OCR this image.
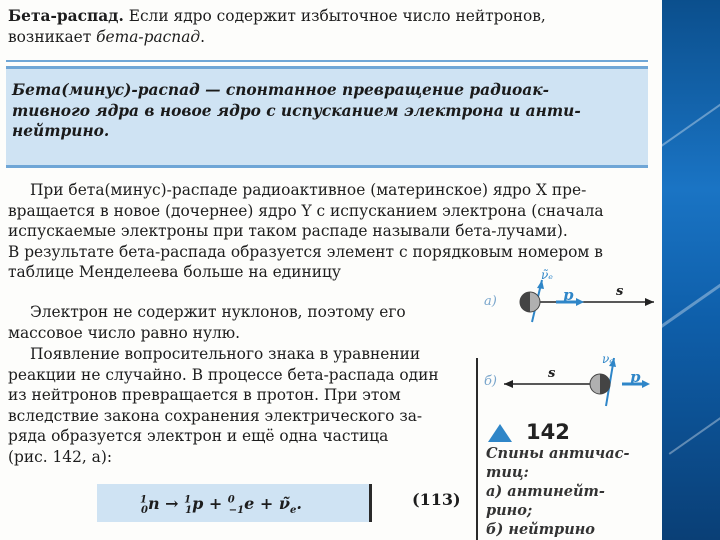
Бета-распад. Если ядро содержит избыточное число нейтронов,
возникает бета-распад.
Бета(минус)-распад — спонтанное превращение радиоак-
тивного ядра в новое ядро с испусканием электрона и анти-
нейтрино.
При бета(минус)-распаде радиоактивное (материнское) ядро X пре-
вращается в новое (дочернее) ядро Y с испусканием электрона (сначала
испускаемые электроны при таком распаде называли бета-лучами).
В результате бета-распада образуется элемент с порядковым номером в
таблице Менделеева больше на единицу
Электрон не содержит нуклонов, поэтому его
массовое число равно нулю.
Появление вопросительного знака в уравнении
реакции не случайно. В процессе бета-распада один
из нейтронов превращается в протон. При этом
вследствие закона сохранения электрического за-
ряда образуется электрон и ещё одна частица
(рис. 142, а):
$^1_0n \to ^1_1p + ^0_{-1}e + \nũ_e$.	(113)
а)
ν̃ₑ
p	s
б)
s
νₑ
p
142
Спины античас-
тиц:
а) антинейт-
рино;
б) нейтрино
